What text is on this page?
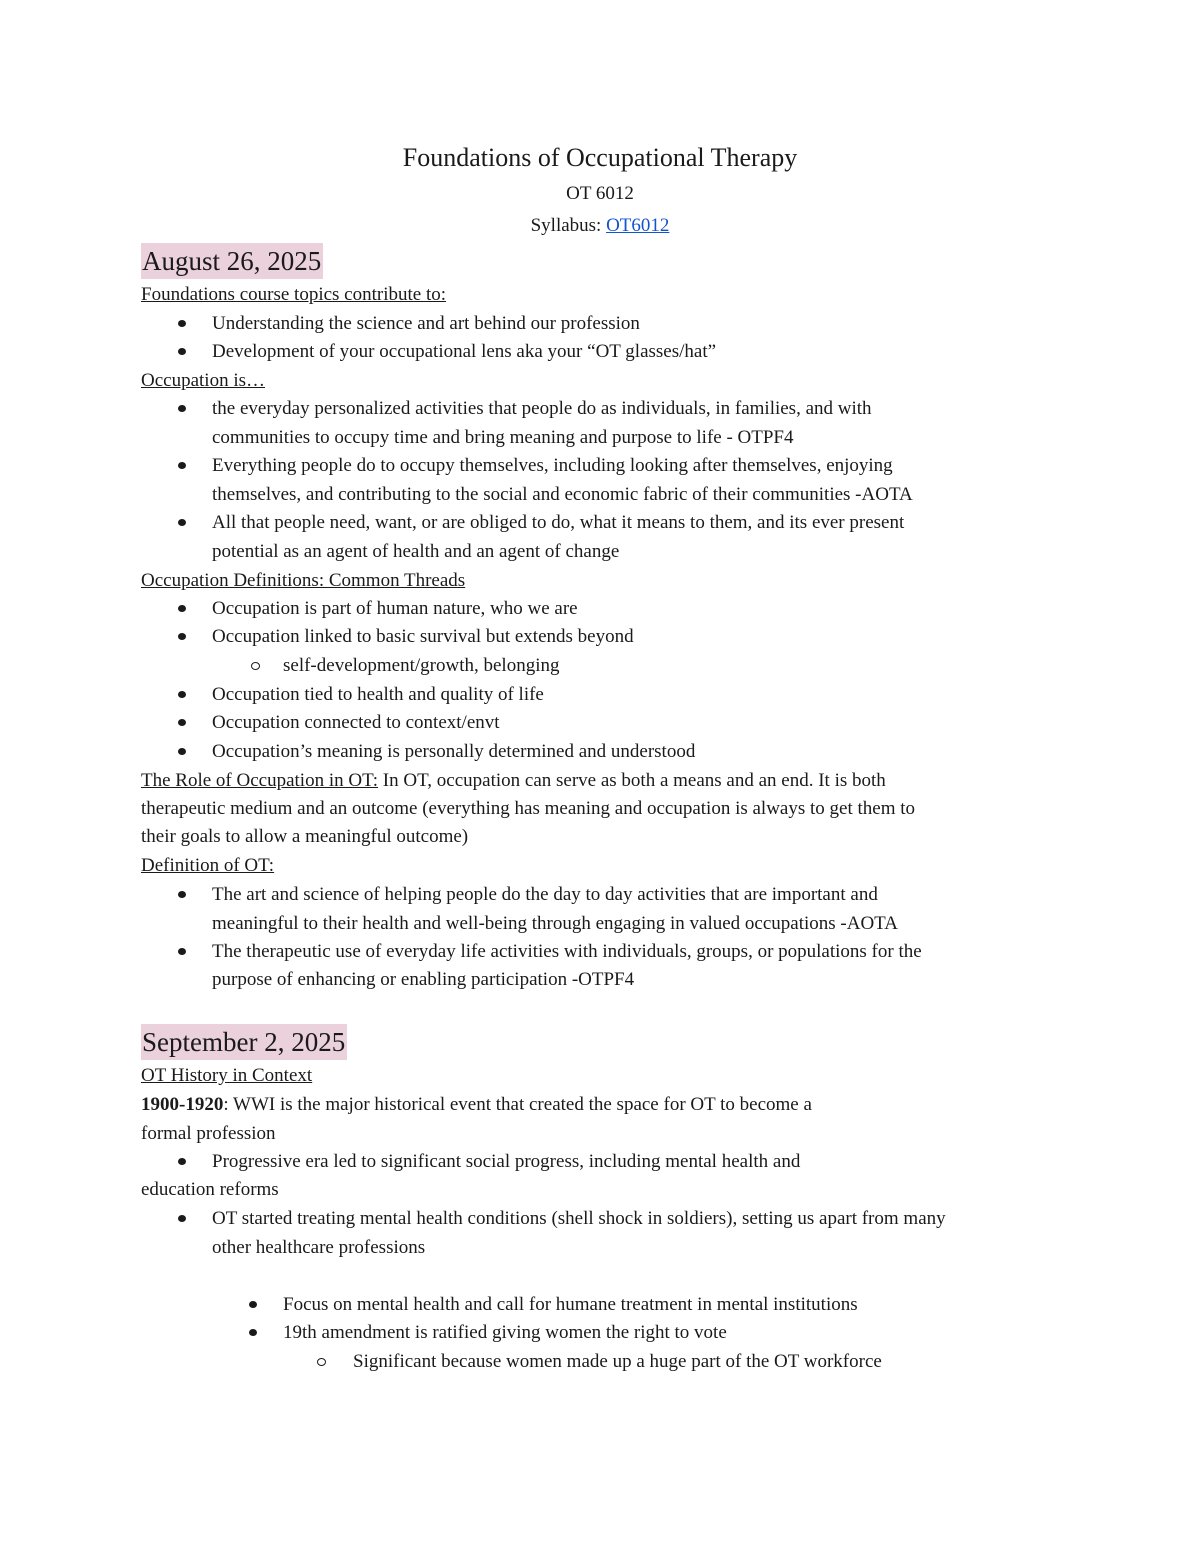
Foundations of Occupational Therapy
OT 6012
Syllabus: OT6012
August 26, 2025
Foundations course topics contribute to:
Understanding the science and art behind our profession
Development of your occupational lens aka your “OT glasses/hat”
Occupation is…
the everyday personalized activities that people do as individuals, in families, and with
communities to occupy time and bring meaning and purpose to life - OTPF4
Everything people do to occupy themselves, including looking after themselves, enjoying
themselves, and contributing to the social and economic fabric of their communities -AOTA
All that people need, want, or are obliged to do, what it means to them, and its ever present
potential as an agent of health and an agent of change
Occupation Definitions: Common Threads
Occupation is part of human nature, who we are
Occupation linked to basic survival but extends beyond
self-development/growth, belonging
Occupation tied to health and quality of life
Occupation connected to context/envt
Occupation’s meaning is personally determined and understood
The Role of Occupation in OT: In OT, occupation can serve as both a means and an end. It is both
therapeutic medium and an outcome (everything has meaning and occupation is always to get them to
their goals to allow a meaningful outcome)
Definition of OT:
The art and science of helping people do the day to day activities that are important and
meaningful to their health and well-being through engaging in valued occupations -AOTA
The therapeutic use of everyday life activities with individuals, groups, or populations for the
purpose of enhancing or enabling participation -OTPF4
September 2, 2025
OT History in Context
1900-1920: WWI is the major historical event that created the space for OT to become a
formal profession
Progressive era led to significant social progress, including mental health and
education reforms
OT started treating mental health conditions (shell shock in soldiers), setting us apart from many
other healthcare professions
Focus on mental health and call for humane treatment in mental institutions
19th amendment is ratified giving women the right to vote
Significant because women made up a huge part of the OT workforce
